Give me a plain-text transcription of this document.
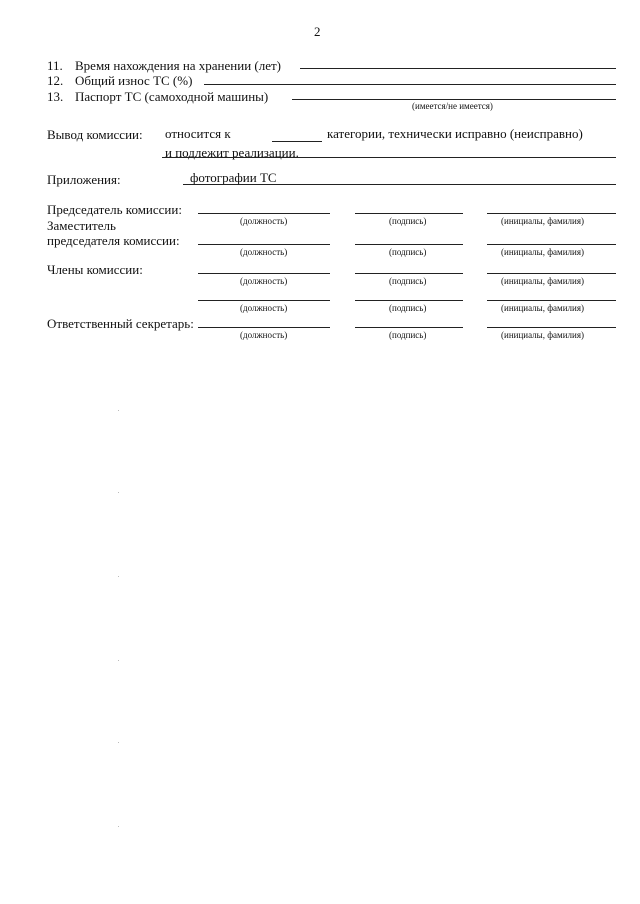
2
11. Время нахождения на хранении (лет)
12. Общий износ ТС (%)
13. Паспорт ТС (самоходной машины)
(имеется/не имеется)
Вывод комиссии: относится к	категории, технически исправно (неисправно)
и подлежит реализации.
Приложения:	фотографии ТС
Председатель комиссии:
(должность)	(подпись)	(инициалы, фамилия)
Заместитель
председателя комиссии:
(должность)	(подпись)	(инициалы, фамилия)
Члены комиссии:
(должность)	(подпись)	(инициалы, фамилия)
(должность)	(подпись)	(инициалы, фамилия)
Ответственный секретарь:
(должность)	(подпись)	(инициалы, фамилия)
